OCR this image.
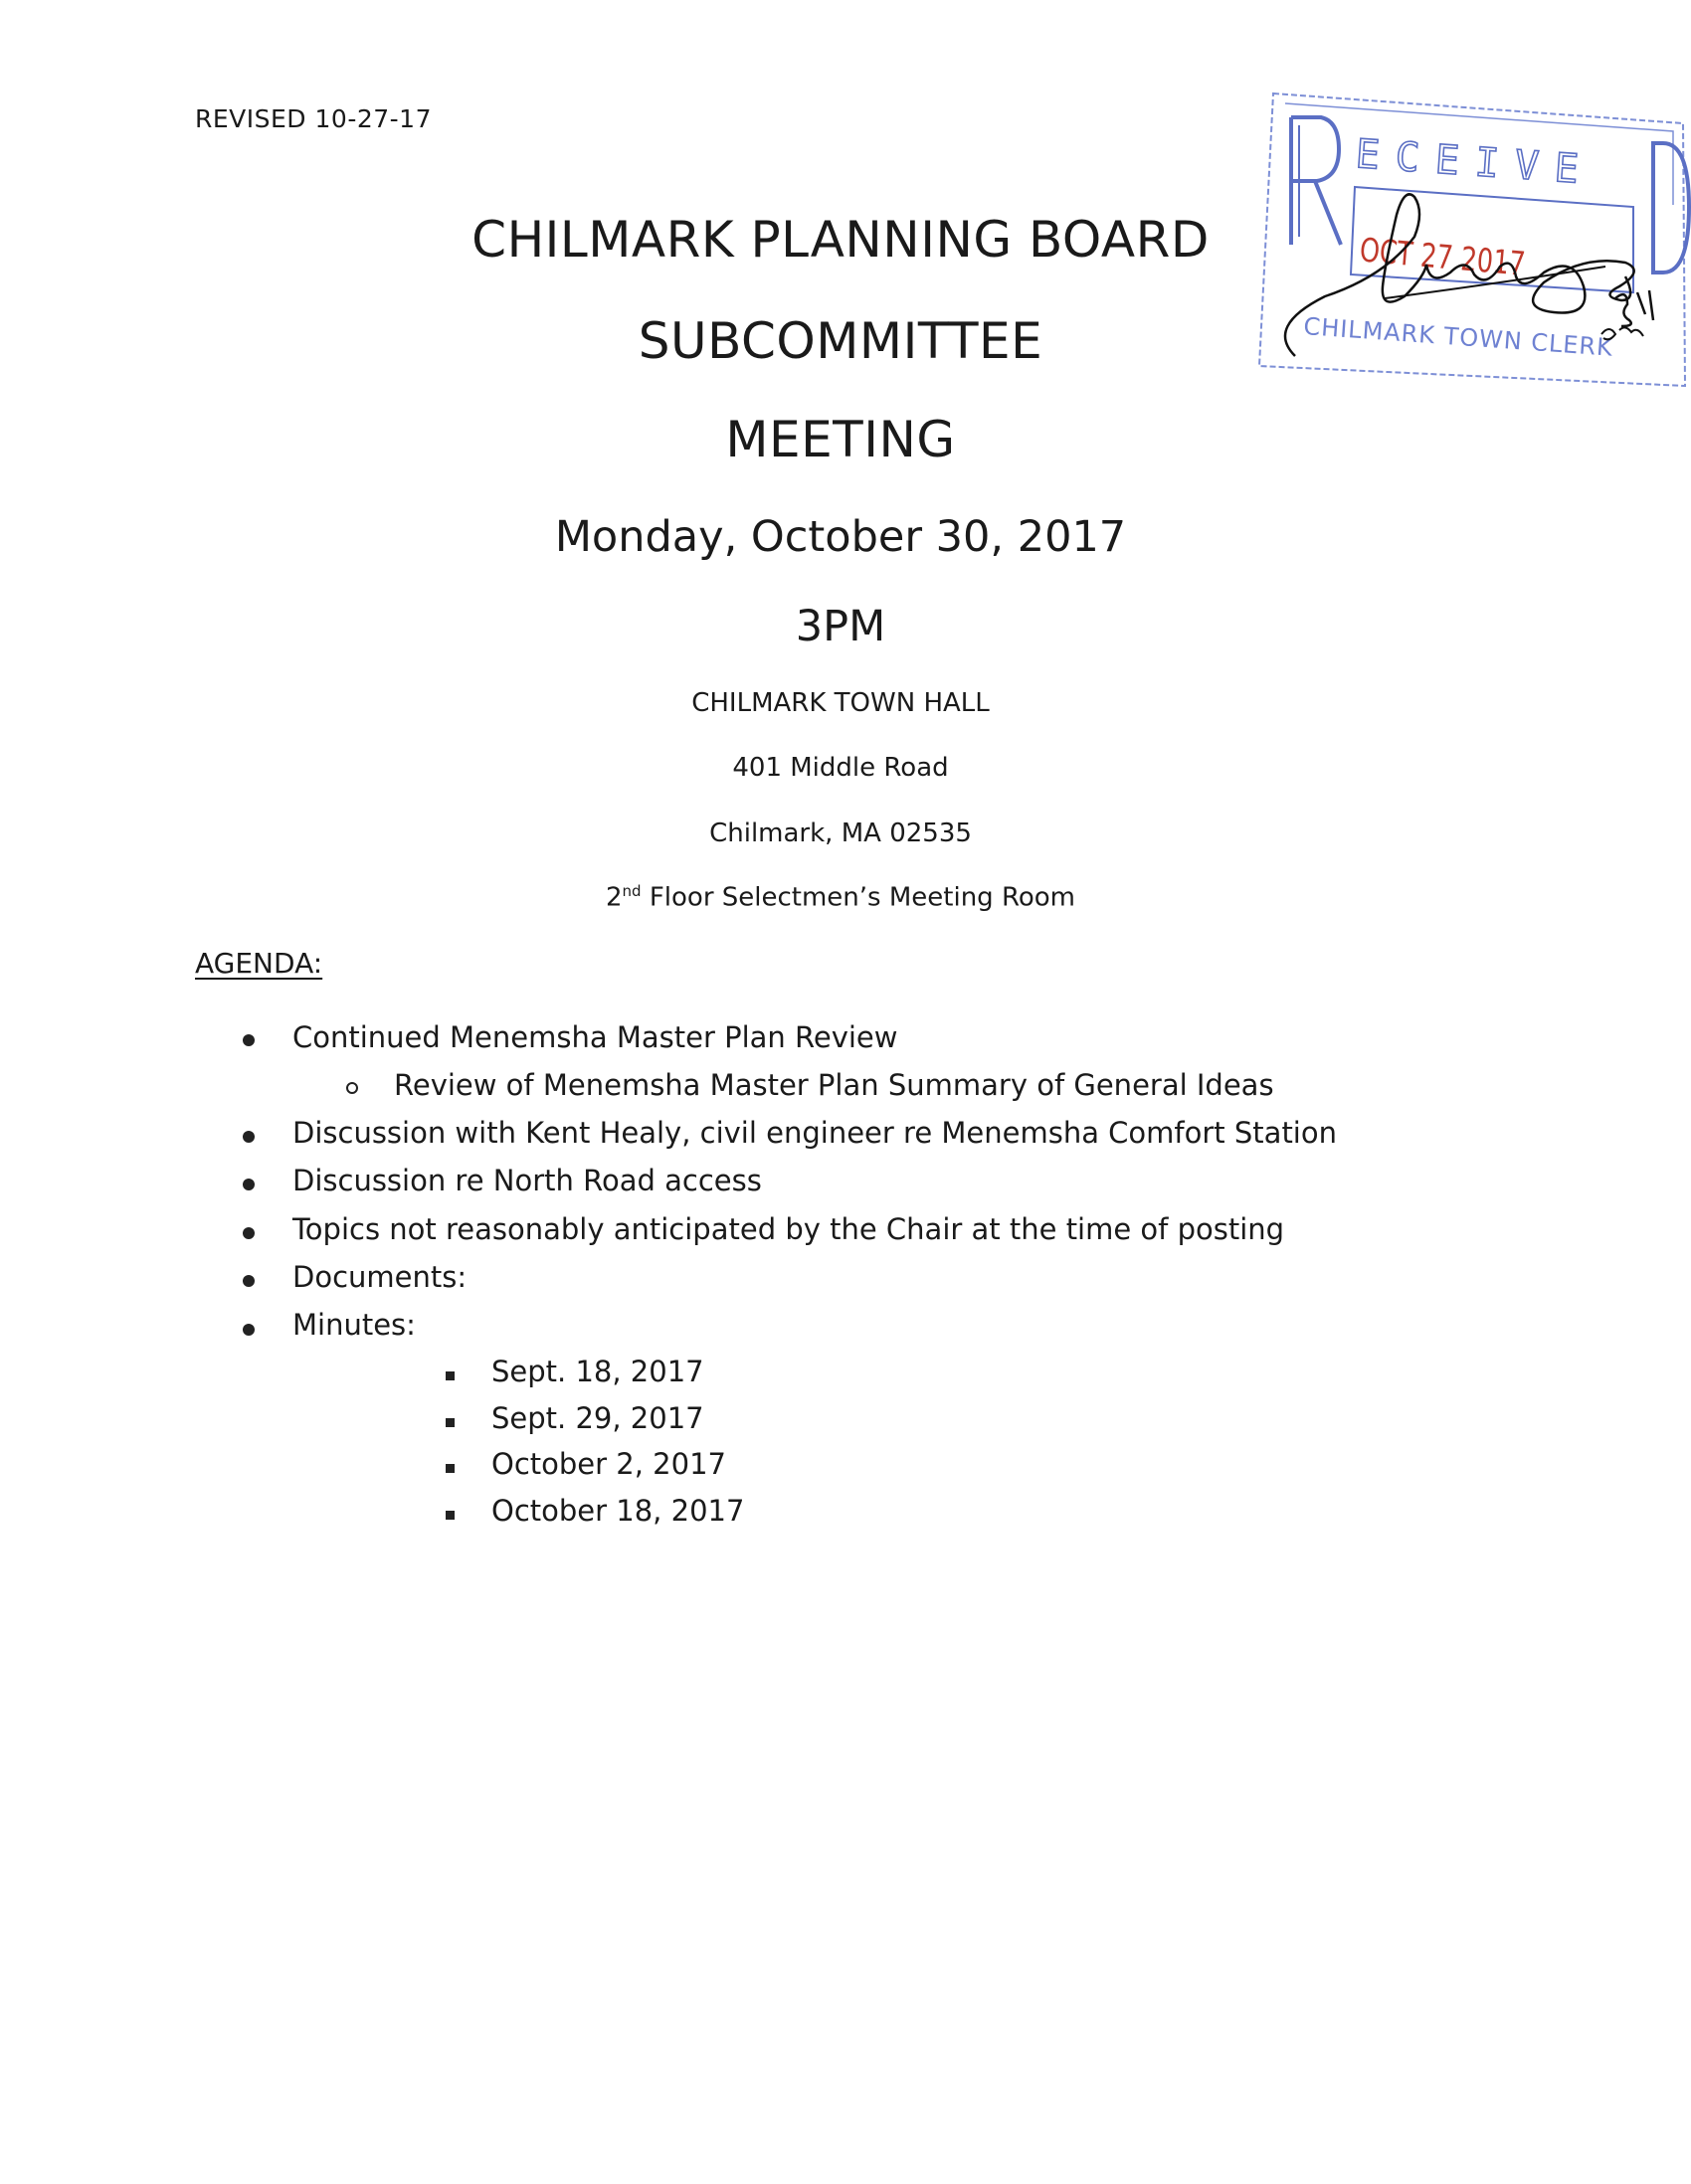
REVISED 10-27-17
ECEIVE
OCT 27 2017
CHILMARK TOWN CLERK
CHILMARK PLANNING BOARD
SUBCOMMITTEE
MEETING
Monday, October 30, 2017
3PM
CHILMARK TOWN HALL
401 Middle Road
Chilmark, MA 02535
2nd Floor Selectmen’s Meeting Room
AGENDA:
Continued Menemsha Master Plan Review
Review of Menemsha Master Plan Summary of General Ideas
Discussion with Kent Healy, civil engineer re Menemsha Comfort Station
Discussion re North Road access
Topics not reasonably anticipated by the Chair at the time of posting
Documents:
Minutes:
Sept. 18, 2017
Sept. 29, 2017
October 2, 2017
October 18, 2017
